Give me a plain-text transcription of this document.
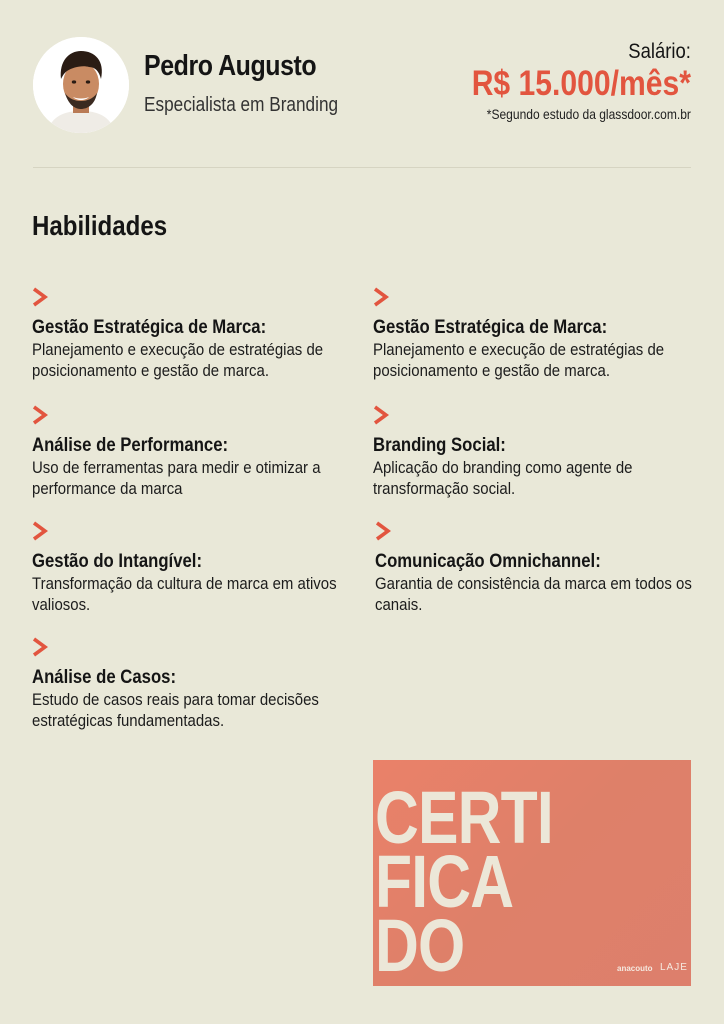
Pedro Augusto
Especialista em Branding
Salário:
R$ 15.000/mês*
*Segundo estudo da glassdoor.com.br
Habilidades
Gestão Estratégica de Marca:
Planejamento e execução de estratégias de posicionamento e gestão de marca.
Análise de Performance:
Uso de ferramentas para medir e otimizar a performance da marca
Gestão do Intangível:
Transformação da cultura de marca em ativos valiosos.
Análise de Casos:
Estudo de casos reais para tomar decisões estratégicas fundamentadas.
Gestão Estratégica de Marca:
Planejamento e execução de estratégias de posicionamento e gestão de marca.
Branding Social:
Aplicação do branding como agente de transformação social.
Comunicação Omnichannel:
Garantia de consistência da marca em todos os canais.
CERTI
FICA
DO	anacouto LAJE
